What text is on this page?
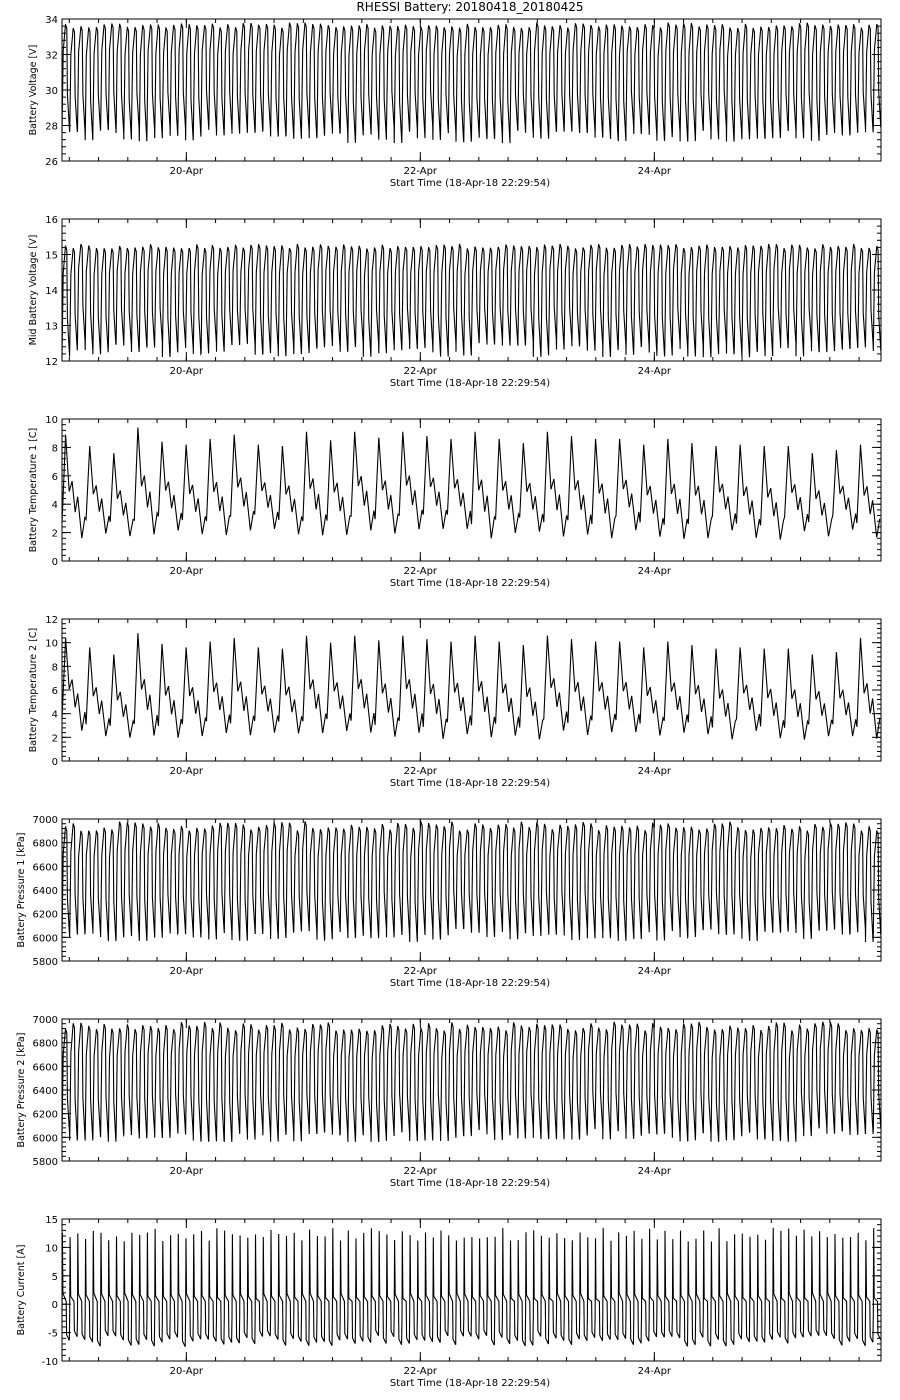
RHESSI Battery: 20180418_20180425
26
28
30
32
34
20-Apr	22-Apr	24-Apr
Start Time (18-Apr-18 22:29:54)
Battery Voltage [V]
12
13
14
15
16
20-Apr	22-Apr	24-Apr
Start Time (18-Apr-18 22:29:54)
Mid Battery Voltage [V]
0
2
4
6
8
10
20-Apr	22-Apr	24-Apr
Start Time (18-Apr-18 22:29:54)
Battery Temperature 1 [C]
0
2
4
6
8
10
12
20-Apr	22-Apr	24-Apr
Start Time (18-Apr-18 22:29:54)
Battery Temperature 2 [C]
5800
6000
6200
6400
6600
6800
7000
20-Apr	22-Apr	24-Apr
Start Time (18-Apr-18 22:29:54)
Battery Pressure 1 [kPa]
5800
6000
6200
6400
6600
6800
7000
20-Apr	22-Apr	24-Apr
Start Time (18-Apr-18 22:29:54)
Battery Pressure 2 [kPa]
-10
-5
0
5
10
15
20-Apr	22-Apr	24-Apr
Start Time (18-Apr-18 22:29:54)
Battery Current [A]
